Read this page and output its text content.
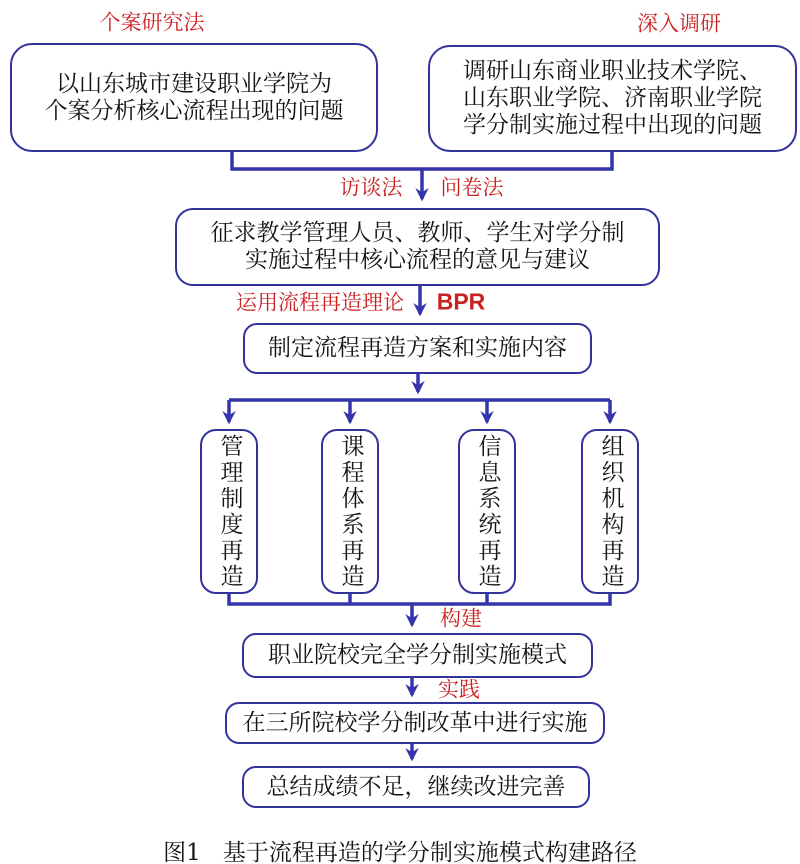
个案研究法	深入调研
访谈法 问卷法
运用流程再造理论 BPR
构建
实践
以山东城市建设职业学院为
个案分析核心流程出现的问题
调研山东商业职业技术学院、
山东职业学院、济南职业学院
学分制实施过程中出现的问题
征求教学管理人员、教师、学生对学分制
实施过程中核心流程的意见与建议
制定流程再造方案和实施内容
管理制度再造	课程体系再造	信息系统再造	组织机构再造
职业院校完全学分制实施模式
在三所院校学分制改革中进行实施
总结成绩不足，继续改进完善
图1 基于流程再造的学分制实施模式构建路径
